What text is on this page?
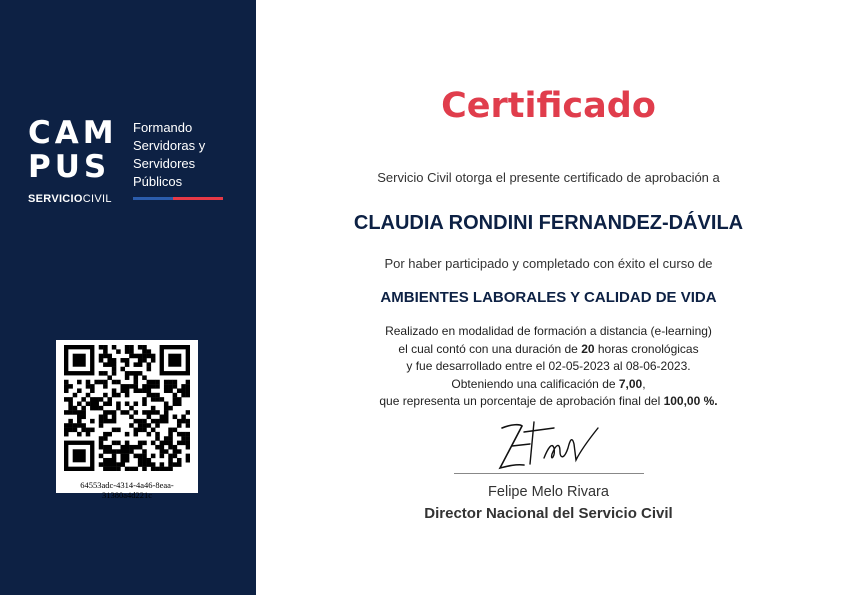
CAM
PUS
SERVICIOCIVIL
Formando
Servidoras y
Servidores
Públicos
64553adc-4314-4a46-8eaa-31380a4d221c
Certificado
Servicio Civil otorga el presente certificado de aprobación a
CLAUDIA RONDINI FERNANDEZ-DÁVILA
Por haber participado y completado con éxito el curso de
AMBIENTES LABORALES Y CALIDAD DE VIDA
Realizado en modalidad de formación a distancia (e-learning)
el cual contó con una duración de 20 horas cronológicas
y fue desarrollado entre el 02-05-2023 al 08-06-2023.
Obteniendo una calificación de 7,00,
que representa un porcentaje de aprobación final del 100,00 %.
Felipe Melo Rivara
Director Nacional del Servicio Civil
